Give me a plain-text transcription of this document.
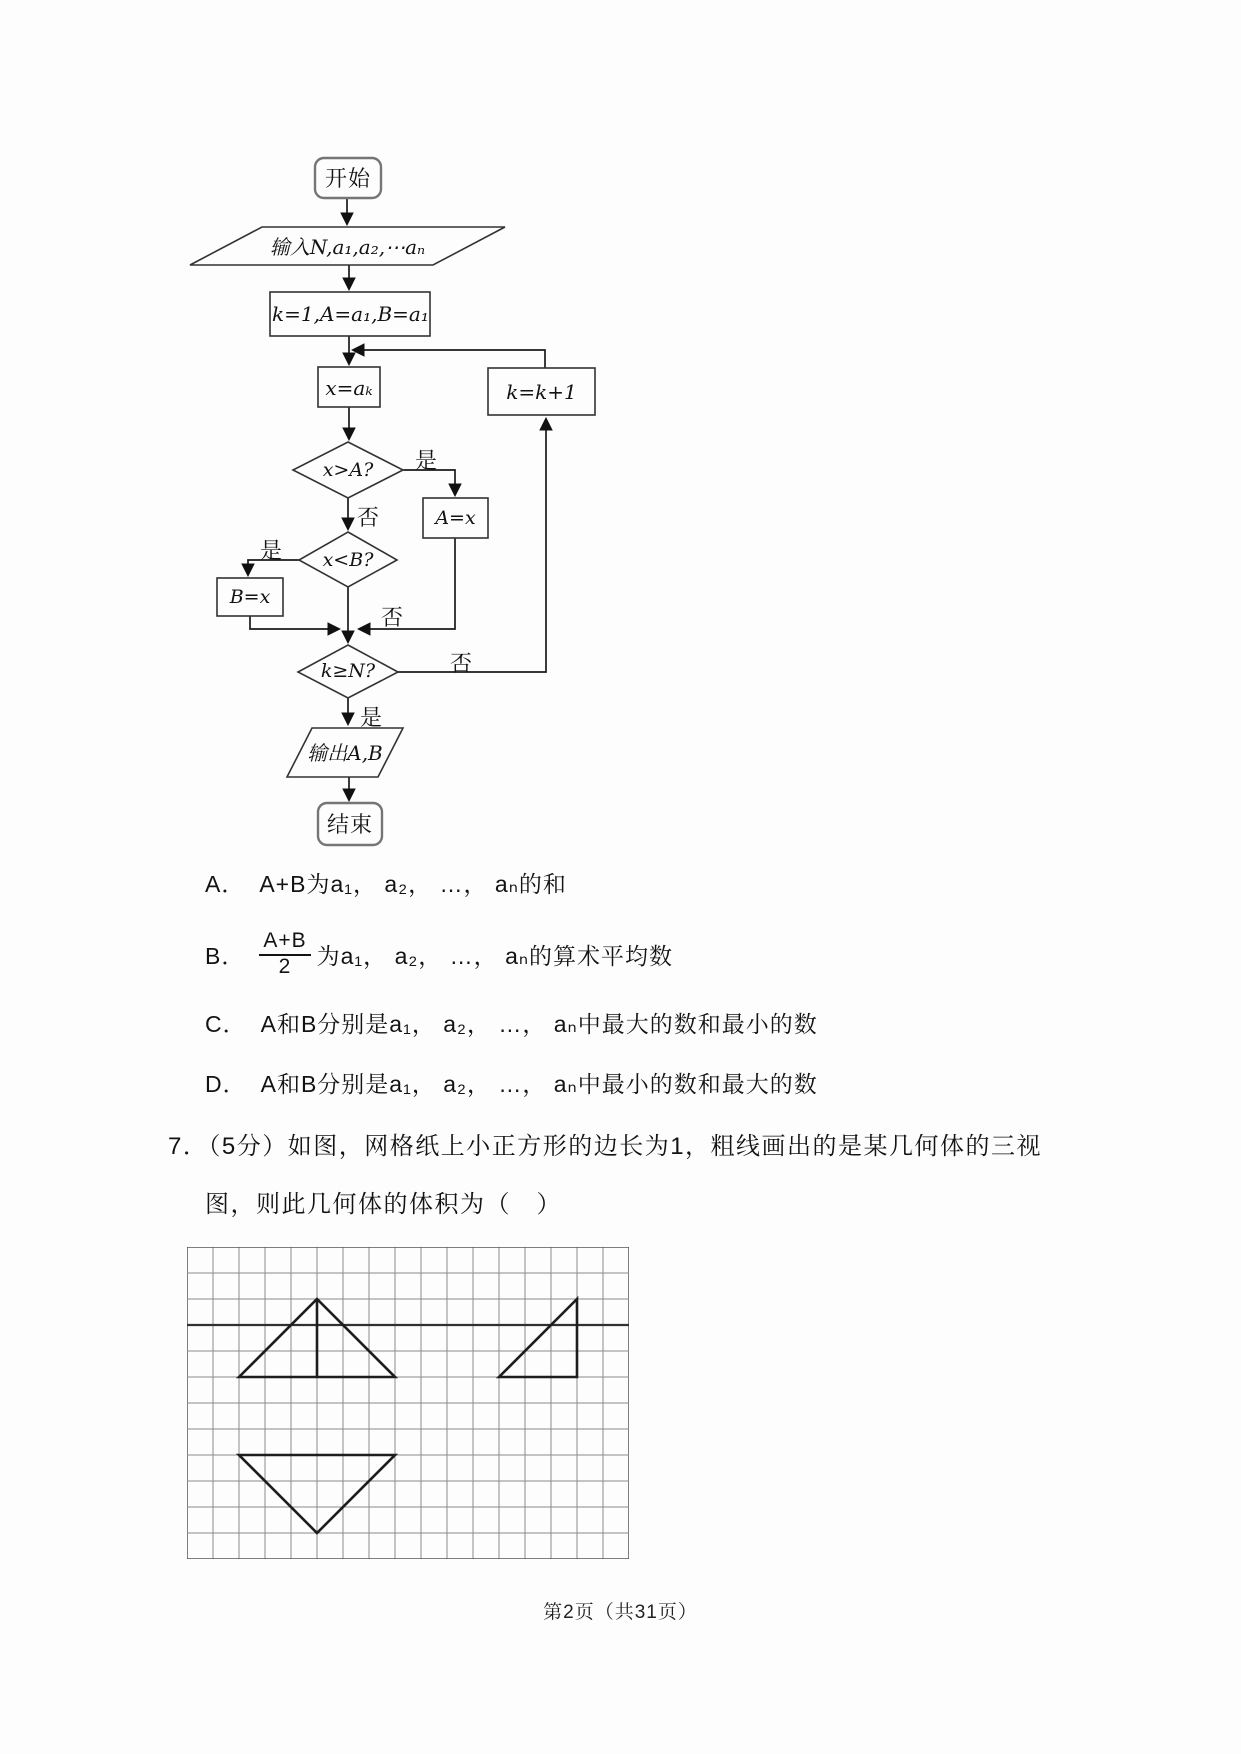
开始
输入N,a₁,a₂,⋯aₙ
k=1,A=a₁,B=a₁
x=aₖ	k=k+1
x>A?
A=x
x<B?
B=x
k≥N?
输出A,B
结束
是
否
是
否
否
是
A． A+B为a₁， a₂， …， aₙ的和
B． $\frac{A+B}{2}$ 为a₁， a₂， …， aₙ的算术平均数
C． A和B分别是a₁， a₂， …， aₙ中最大的数和最小的数
D． A和B分别是a₁， a₂， …， aₙ中最小的数和最大的数
7．（5分）如图，网格纸上小正方形的边长为1，粗线画出的是某几何体的三视
图，则此几何体的体积为（　）
第2页（共31页）
